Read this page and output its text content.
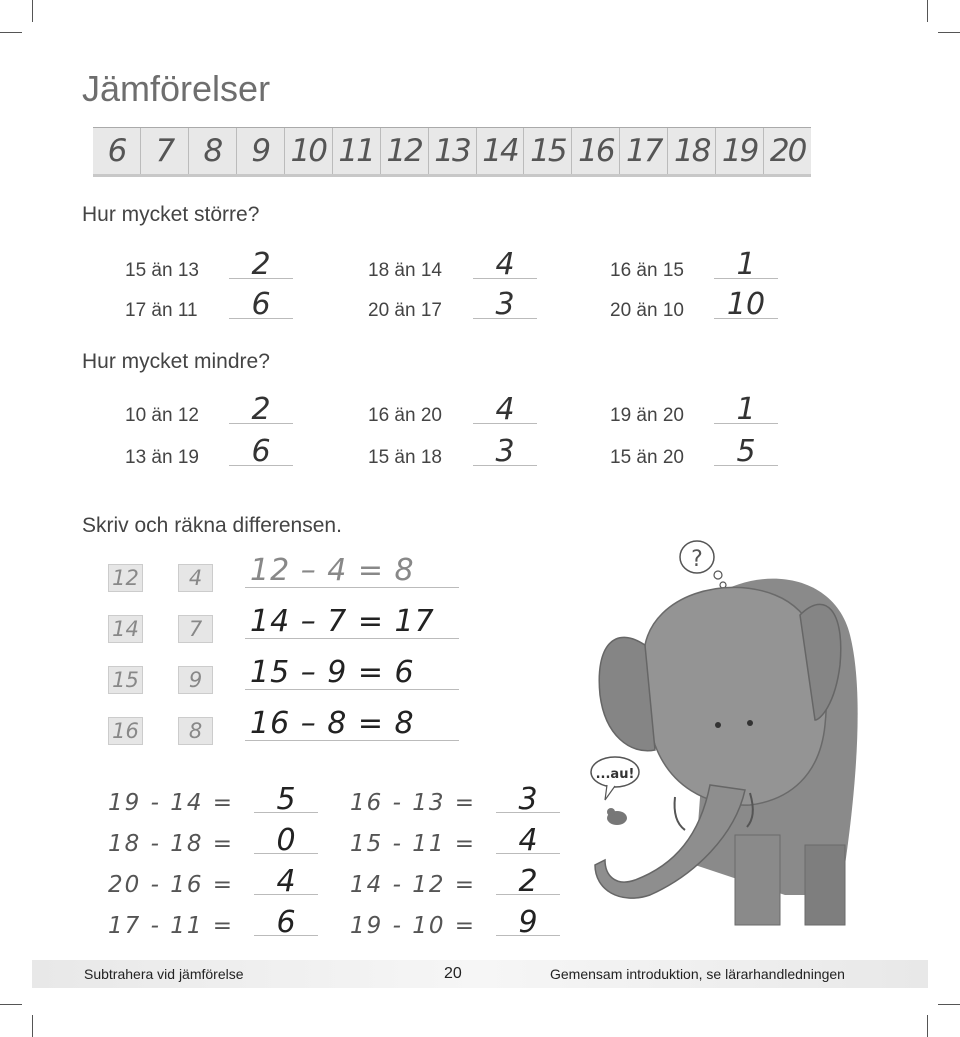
Jämförelser
6 7 8 9 10 11 12 13 14 15 16 17 18 19 20
Hur mycket större?
15 än 13	2	18 än 14	4	16 än 15	1
17 än 11	6	20 än 17	3	20 än 10	10
Hur mycket mindre?
10 än 12	2	16 än 20	4	19 än 20	1
13 än 19	6	15 än 18	3	15 än 20	5
Skriv och räkna differensen.
12	4	12 – 4 = 8
14	7	14 – 7 = 17
15	9	15 – 9 = 6
16	8	16 – 8 = 8
19 - 14 =	5
18 - 18 =	0
20 - 16 =	4
17 - 11 =	6
16 - 13 =	3
15 - 11 =	4
14 - 12 =	2
19 - 10 =	9
?
...au!
Subtrahera vid jämförelse	20	Gemensam introduktion, se lärarhandledningen
